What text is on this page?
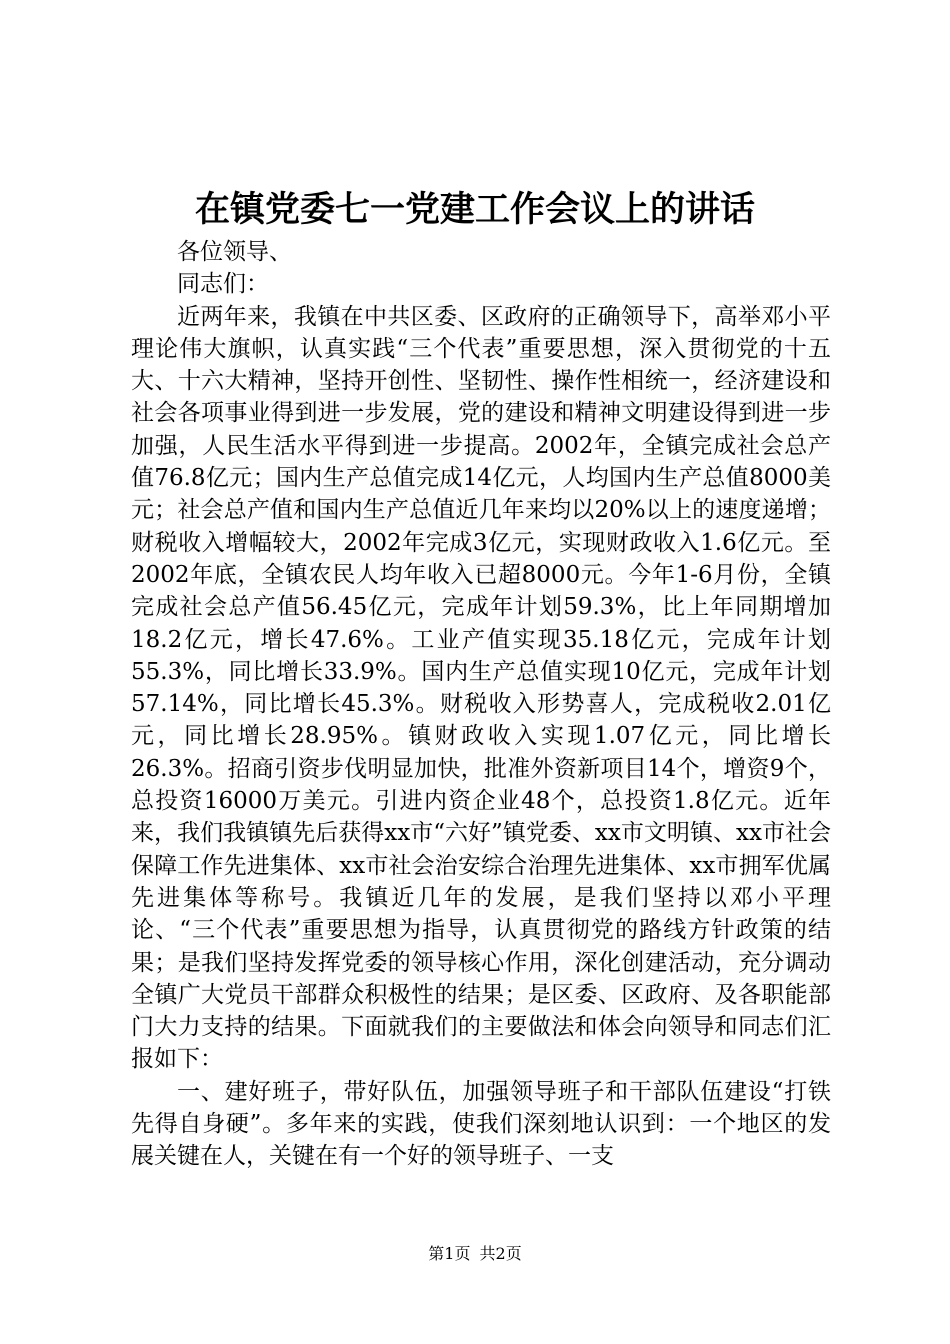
在镇党委七一党建工作会议上的讲话

各位领导、

同志们：

近两年来，我镇在中共区委、区政府的正确领导下，高举邓小平理论伟大旗帜，认真实践“三个代表”重要思想，深入贯彻党的十五大、十六大精神，坚持开创性、坚韧性、操作性相统一，经济建设和社会各项事业得到进一步发展，党的建设和精神文明建设得到进一步加强，人民生活水平得到进一步提高。2002年，全镇完成社会总产值76.8亿元；国内生产总值完成14亿元，人均国内生产总值8000美元；社会总产值和国内生产总值近几年来均以20%以上的速度递增；财税收入增幅较大，2002年完成3亿元，实现财政收入1.6亿元。至2002年底，全镇农民人均年收入已超8000元。今年1-6月份，全镇完成社会总产值56.45亿元，完成年计划59.3%，比上年同期增加18.2亿元，增长47.6%。工业产值实现35.18亿元，完成年计划55.3%，同比增长33.9%。国内生产总值实现10亿元，完成年计划57.14%，同比增长45.3%。财税收入形势喜人，完成税收2.01亿元，同比增长28.95%。镇财政收入实现1.07亿元，同比增长26.3%。招商引资步伐明显加快，批准外资新项目14个，增资9个，总投资16000万美元。引进内资企业48个，总投资1.8亿元。近年来，我们我镇镇先后获得xx市“六好”镇党委、xx市文明镇、xx市社会保障工作先进集体、xx市社会治安综合治理先进集体、xx市拥军优属先进集体等称号。我镇近几年的发展，是我们坚持以邓小平理论、“三个代表”重要思想为指导，认真贯彻党的路线方针政策的结果；是我们坚持发挥党委的领导核心作用，深化创建活动，充分调动全镇广大党员干部群众积极性的结果；是区委、区政府、及各职能部门大力支持的结果。下面就我们的主要做法和体会向领导和同志们汇报如下：

一、建好班子，带好队伍，加强领导班子和干部队伍建设“打铁先得自身硬”。多年来的实践，使我们深刻地认识到：一个地区的发展关键在人，关键在有一个好的领导班子、一支

第1页 共2页
